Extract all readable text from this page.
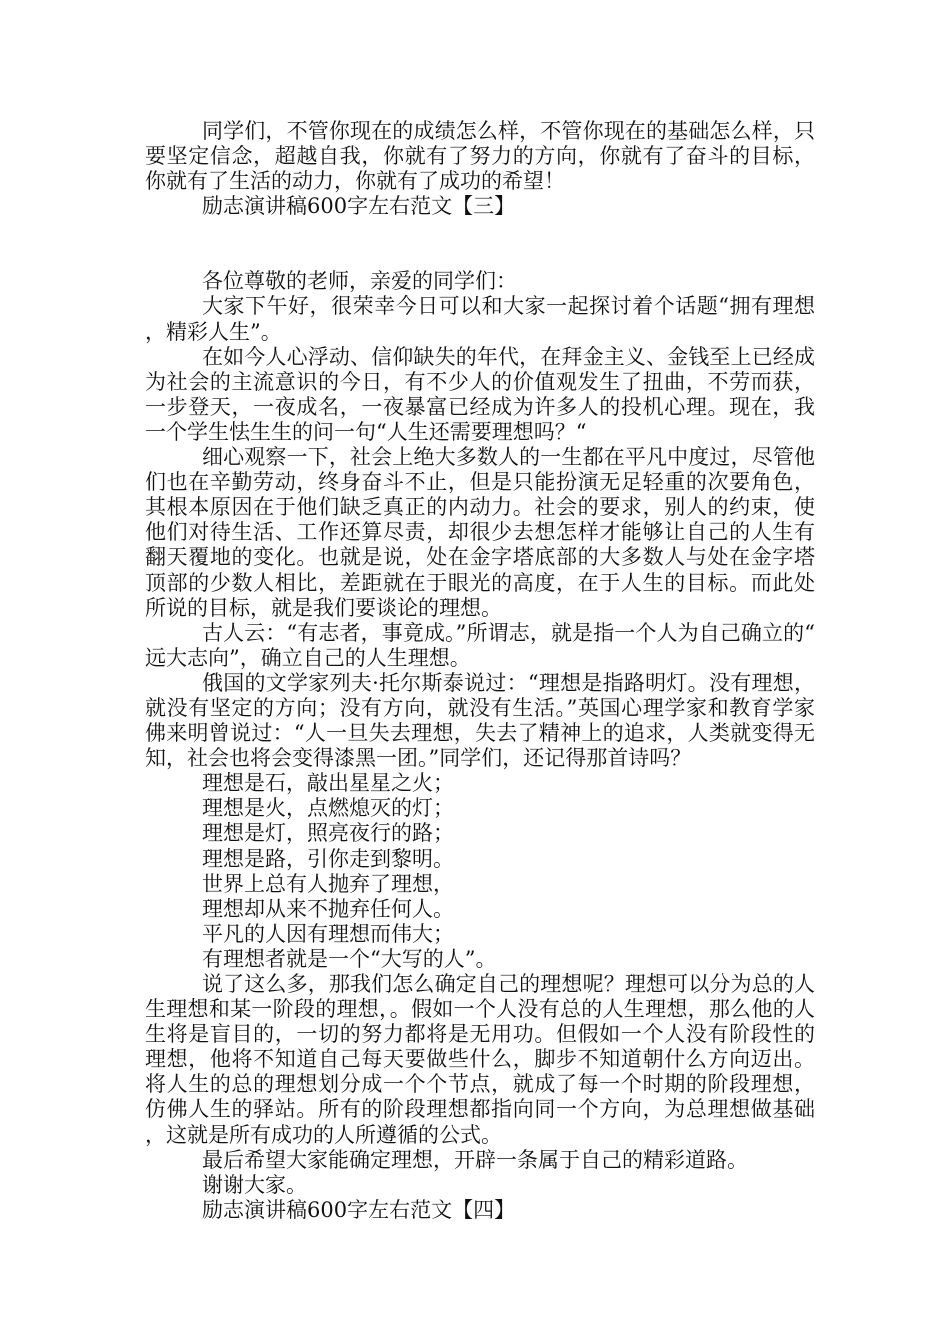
同学们，不管你现在的成绩怎么样，不管你现在的基础怎么样，只要坚定信念，超越自我，你就有了努力的方向，你就有了奋斗的目标，你就有了生活的动力，你就有了成功的希望！

励志演讲稿600字左右范文【三】

各位尊敬的老师，亲爱的同学们：

大家下午好，很荣幸今日可以和大家一起探讨着个话题“拥有理想，精彩人生”。

在如今人心浮动、信仰缺失的年代，在拜金主义、金钱至上已经成为社会的主流意识的今日，有不少人的价值观发生了扭曲，不劳而获，一步登天，一夜成名，一夜暴富已经成为许多人的投机心理。现在，我一个学生怯生生的问一句“人生还需要理想吗？“

细心观察一下，社会上绝大多数人的一生都在平凡中度过，尽管他们也在辛勤劳动，终身奋斗不止，但是只能扮演无足轻重的次要角色，其根本原因在于他们缺乏真正的内动力。社会的要求，别人的约束，使他们对待生活、工作还算尽责，却很少去想怎样才能够让自己的人生有翻天覆地的变化。也就是说，处在金字塔底部的大多数人与处在金字塔顶部的少数人相比，差距就在于眼光的高度，在于人生的目标。而此处所说的目标，就是我们要谈论的理想。

古人云：“有志者，事竟成。”所谓志，就是指一个人为自己确立的“远大志向”，确立自己的人生理想。

俄国的文学家列夫·托尔斯泰说过：“理想是指路明灯。没有理想，就没有坚定的方向；没有方向，就没有生活。”英国心理学家和教育学家佛来明曾说过：“人一旦失去理想，失去了精神上的追求，人类就变得无知，社会也将会变得漆黑一团。”同学们，还记得那首诗吗？

理想是石，敲出星星之火；

理想是火，点燃熄灭的灯；

理想是灯，照亮夜行的路；

理想是路，引你走到黎明。

世界上总有人抛弃了理想，

理想却从来不抛弃任何人。

平凡的人因有理想而伟大；

有理想者就是一个“大写的人”。

说了这么多，那我们怎么确定自己的理想呢？理想可以分为总的人生理想和某一阶段的理想，。假如一个人没有总的人生理想，那么他的人生将是盲目的，一切的努力都将是无用功。但假如一个人没有阶段性的理想，他将不知道自己每天要做些什么，脚步不知道朝什么方向迈出。将人生的总的理想划分成一个个节点，就成了每一个时期的阶段理想，仿佛人生的驿站。所有的阶段理想都指向同一个方向，为总理想做基础，这就是所有成功的人所遵循的公式。

最后希望大家能确定理想，开辟一条属于自己的精彩道路。

谢谢大家。

励志演讲稿600字左右范文【四】
